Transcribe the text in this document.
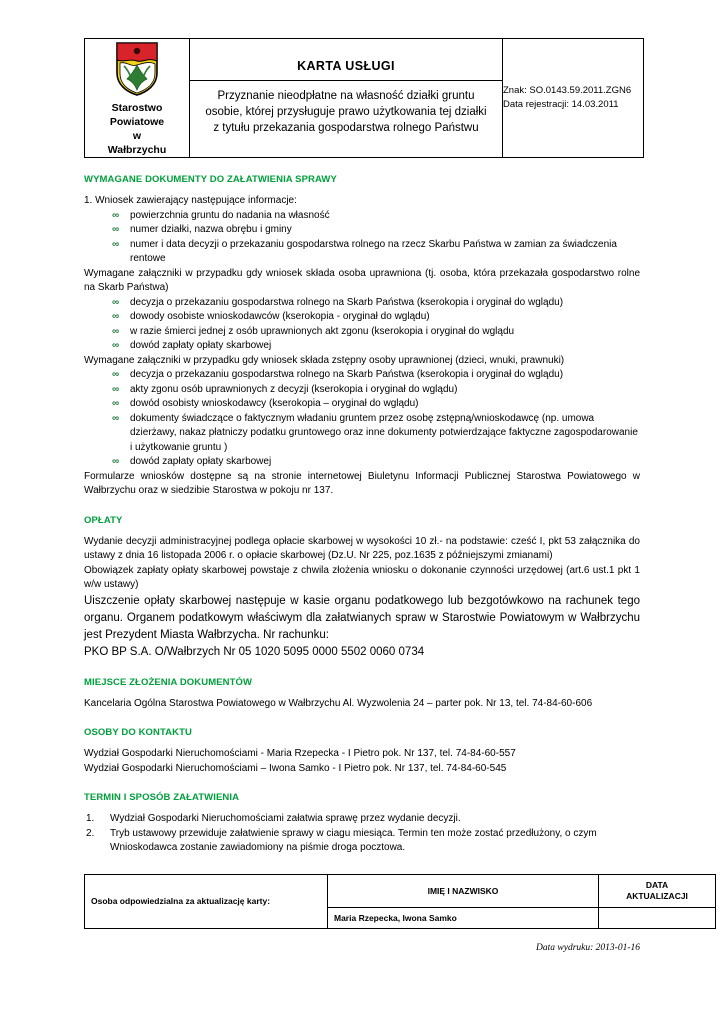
Starostwo
Powiatowe
w
Wałbrzychu

KARTA USŁUGI
Przyznanie nieodpłatne na własność działki gruntu osobie, której przysługuje prawo użytkowania tej działki z tytułu przekazania gospodarstwa rolnego Państwu

Znak: SO.0143.59.2011.ZGN6
Data rejestracji: 14.03.2011
WYMAGANE DOKUMENTY DO ZAŁATWIENIA SPRAWY

1. Wniosek zawierający następujące informacje:

∞ powierzchnia gruntu do nadania na własność
∞ numer działki, nazwa obrębu i gminy
∞ numer i data decyzji o przekazaniu gospodarstwa rolnego na rzecz Skarbu Państwa w zamian za świadczenia rentowe

Wymagane załączniki w przypadku gdy wniosek składa osoba uprawniona (tj. osoba, która przekazała gospodarstwo rolne na Skarb Państwa)

∞ decyzja o przekazaniu gospodarstwa rolnego na Skarb Państwa (kserokopia i oryginał do wglądu)
∞ dowody osobiste wnioskodawców (kserokopia - oryginał do wglądu)
∞ w razie śmierci jednej z osób uprawnionych akt zgonu (kserokopia i oryginał do wglądu
∞ dowód zapłaty opłaty skarbowej

Wymagane załączniki w przypadku gdy wniosek składa zstępny osoby uprawnionej (dzieci, wnuki, prawnuki)

∞ decyzja o przekazaniu gospodarstwa rolnego na Skarb Państwa (kserokopia i oryginał do wglądu)
∞ akty zgonu osób uprawnionych z decyzji (kserokopia i oryginał do wglądu)
∞ dowód osobisty wnioskodawcy (kserokopia – oryginał do wglądu)
∞ dokumenty świadczące o faktycznym władaniu gruntem przez osobę zstępną/wnioskodawcę (np. umowa dzierżawy, nakaz płatniczy podatku gruntowego oraz inne dokumenty potwierdzające faktyczne zagospodarowanie i użytkowanie gruntu )
∞ dowód zapłaty opłaty skarbowej

Formularze wniosków dostępne są na stronie internetowej Biuletynu Informacji Publicznej Starostwa Powiatowego w Wałbrzychu oraz w siedzibie Starostwa w pokoju nr 137.

OPŁATY

Wydanie decyzji administracyjnej podlega opłacie skarbowej w wysokości 10 zł.- na podstawie: cześć I, pkt 53 załącznika do ustawy z dnia 16 listopada 2006 r. o opłacie skarbowej (Dz.U. Nr 225, poz.1635 z późniejszymi zmianami)

Obowiązek zapłaty opłaty skarbowej powstaje z chwila złożenia wniosku o dokonanie czynności urzędowej (art.6 ust.1 pkt 1 w/w ustawy)

Uiszczenie opłaty skarbowej następuje w kasie organu podatkowego lub bezgotówkowo na rachunek tego organu. Organem podatkowym właściwym dla załatwianych spraw w Starostwie Powiatowym w Wałbrzychu jest Prezydent Miasta Wałbrzycha. Nr rachunku:

PKO BP S.A. O/Wałbrzych Nr 05 1020 5095 0000 5502 0060 0734

MIEJSCE ZŁOŻENIA DOKUMENTÓW

Kancelaria Ogólna Starostwa Powiatowego w Wałbrzychu Al. Wyzwolenia 24 – parter pok. Nr 13, tel. 74-84-60-606

OSOBY DO KONTAKTU

Wydział Gospodarki Nieruchomościami - Maria Rzepecka - I Pietro pok. Nr 137, tel. 74-84-60-557

Wydział Gospodarki Nieruchomościami – Iwona Samko - I Pietro pok. Nr 137, tel. 74-84-60-545

TERMIN I SPOSÓB ZAŁATWIENIA
1. Wydział Gospodarki Nieruchomościami załatwia sprawę przez wydanie decyzji.
2. Tryb ustawowy przewiduje załatwienie sprawy w ciagu miesiąca. Termin ten może zostać przedłużony, o czym Wnioskodawca zostanie zawiadomiony na piśmie droga pocztowa.
Osoba odpowiedzialna za aktualizację karty:	IMIĘ I NAZWISKO	DATA
AKTUALIZACJI
	Maria Rzepecka, Iwona Samko	
Data wydruku: 2013-01-16
